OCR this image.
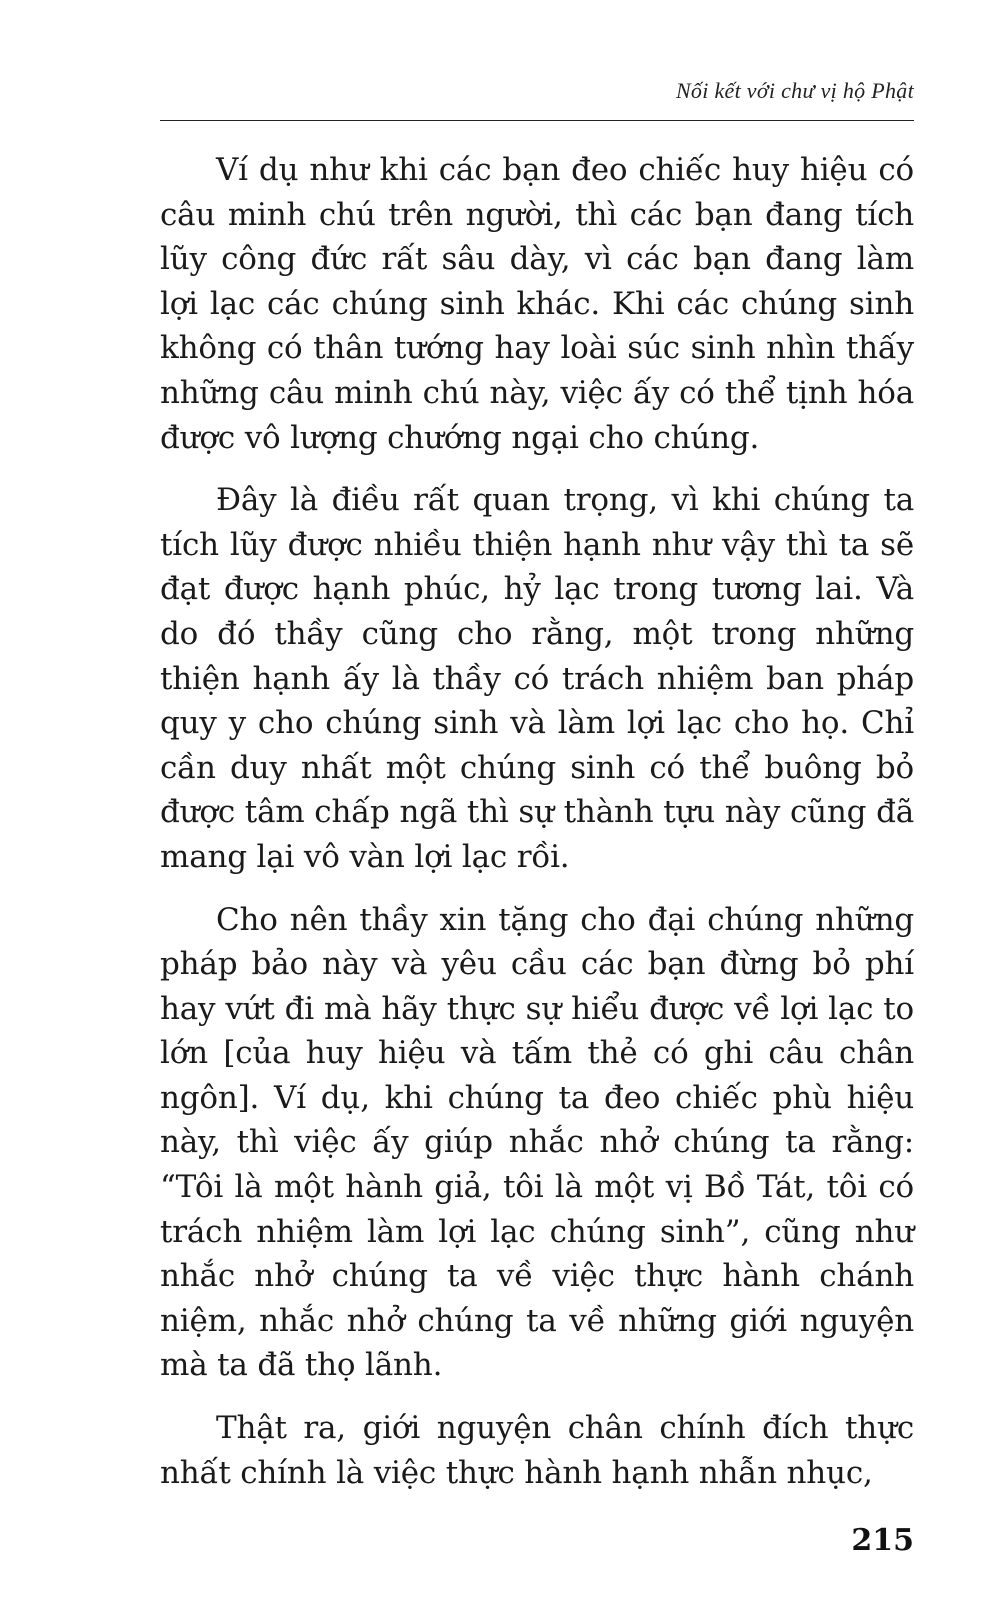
Nối kết với chư vị hộ Phật

Ví dụ như khi các bạn đeo chiếc huy hiệu có câu minh chú trên người, thì các bạn đang tích lũy công đức rất sâu dày, vì các bạn đang làm lợi lạc các chúng sinh khác. Khi các chúng sinh không có thân tướng hay loài súc sinh nhìn thấy những câu minh chú này, việc ấy có thể tịnh hóa được vô lượng chướng ngại cho chúng.

Đây là điều rất quan trọng, vì khi chúng ta tích lũy được nhiều thiện hạnh như vậy thì ta sẽ đạt được hạnh phúc, hỷ lạc trong tương lai. Và do đó thầy cũng cho rằng, một trong những thiện hạnh ấy là thầy có trách nhiệm ban pháp quy y cho chúng sinh và làm lợi lạc cho họ. Chỉ cần duy nhất một chúng sinh có thể buông bỏ được tâm chấp ngã thì sự thành tựu này cũng đã mang lại vô vàn lợi lạc rồi.

Cho nên thầy xin tặng cho đại chúng những pháp bảo này và yêu cầu các bạn đừng bỏ phí hay vứt đi mà hãy thực sự hiểu được về lợi lạc to lớn [của huy hiệu và tấm thẻ có ghi câu chân ngôn]. Ví dụ, khi chúng ta đeo chiếc phù hiệu này, thì việc ấy giúp nhắc nhở chúng ta rằng: “Tôi là một hành giả, tôi là một vị Bồ Tát, tôi có trách nhiệm làm lợi lạc chúng sinh”, cũng như nhắc nhở chúng ta về việc thực hành chánh niệm, nhắc nhở chúng ta về những giới nguyện mà ta đã thọ lãnh.

Thật ra, giới nguyện chân chính đích thực nhất chính là việc thực hành hạnh nhẫn nhục,

215
